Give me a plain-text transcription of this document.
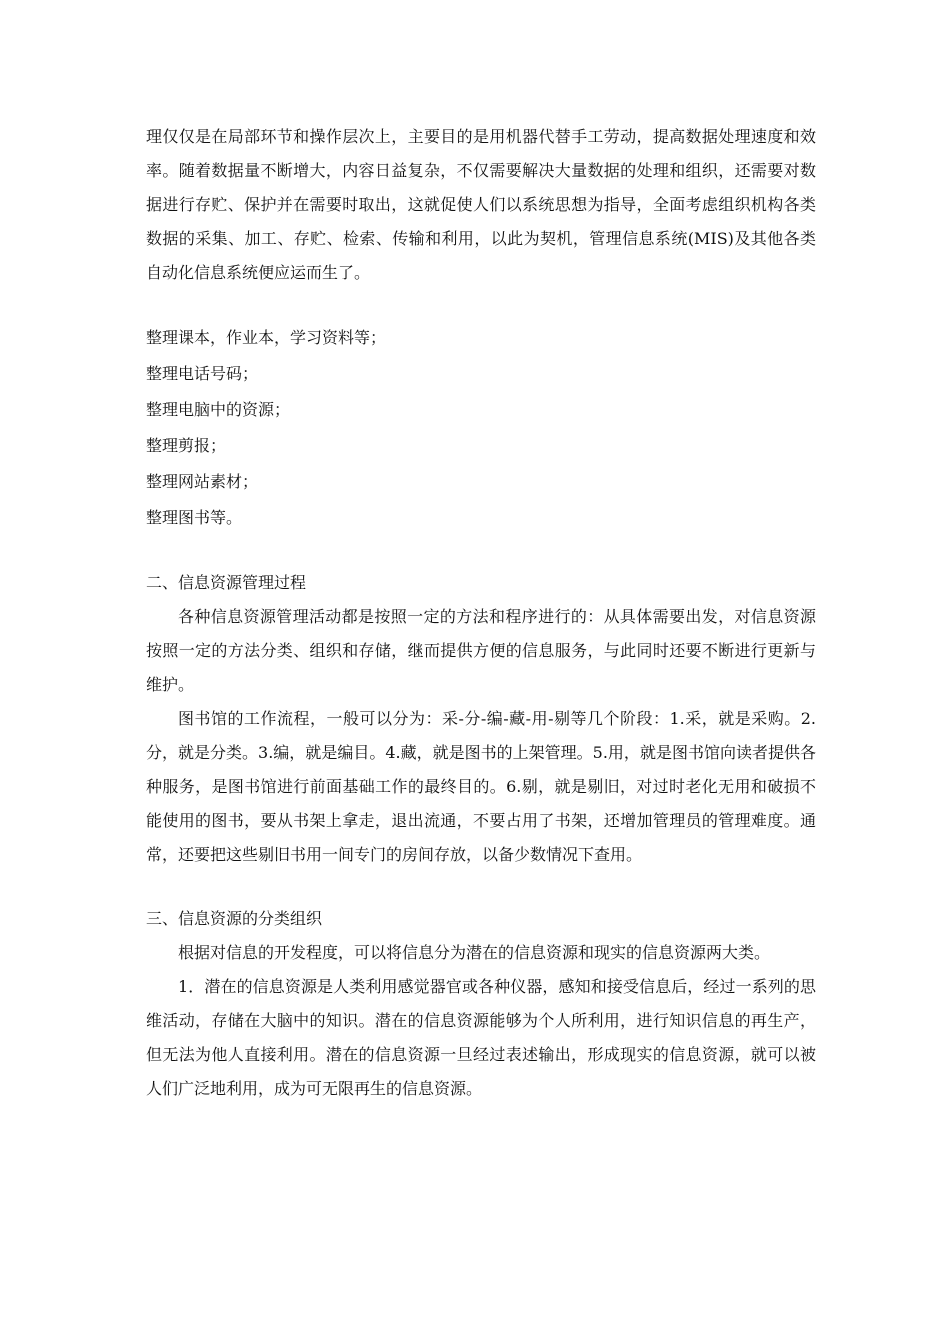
理仅仅是在局部环节和操作层次上，主要目的是用机器代替手工劳动，提高数据处理速度和效率。随着数据量不断增大，内容日益复杂，不仅需要解决大量数据的处理和组织，还需要对数据进行存贮、保护并在需要时取出，这就促使人们以系统思想为指导，全面考虑组织机构各类数据的采集、加工、存贮、检索、传输和利用，以此为契机，管理信息系统(MIS)及其他各类自动化信息系统便应运而生了。

整理课本，作业本，学习资料等；

整理电话号码；

整理电脑中的资源；

整理剪报；

整理网站素材；

整理图书等。

二、信息资源管理过程

各种信息资源管理活动都是按照一定的方法和程序进行的：从具体需要出发，对信息资源按照一定的方法分类、组织和存储，继而提供方便的信息服务，与此同时还要不断进行更新与维护。

图书馆的工作流程，一般可以分为：采-分-编-藏-用-剔等几个阶段：1.采，就是采购。2.分，就是分类。3.编，就是编目。4.藏，就是图书的上架管理。5.用，就是图书馆向读者提供各种服务，是图书馆进行前面基础工作的最终目的。6.剔，就是剔旧，对过时老化无用和破损不能使用的图书，要从书架上拿走，退出流通，不要占用了书架，还增加管理员的管理难度。通常，还要把这些剔旧书用一间专门的房间存放，以备少数情况下查用。

三、信息资源的分类组织

根据对信息的开发程度，可以将信息分为潜在的信息资源和现实的信息资源两大类。

1．潜在的信息资源是人类利用感觉器官或各种仪器，感知和接受信息后，经过一系列的思维活动，存储在大脑中的知识。潜在的信息资源能够为个人所利用，进行知识信息的再生产，但无法为他人直接利用。潜在的信息资源一旦经过表述输出，形成现实的信息资源，就可以被人们广泛地利用，成为可无限再生的信息资源。
